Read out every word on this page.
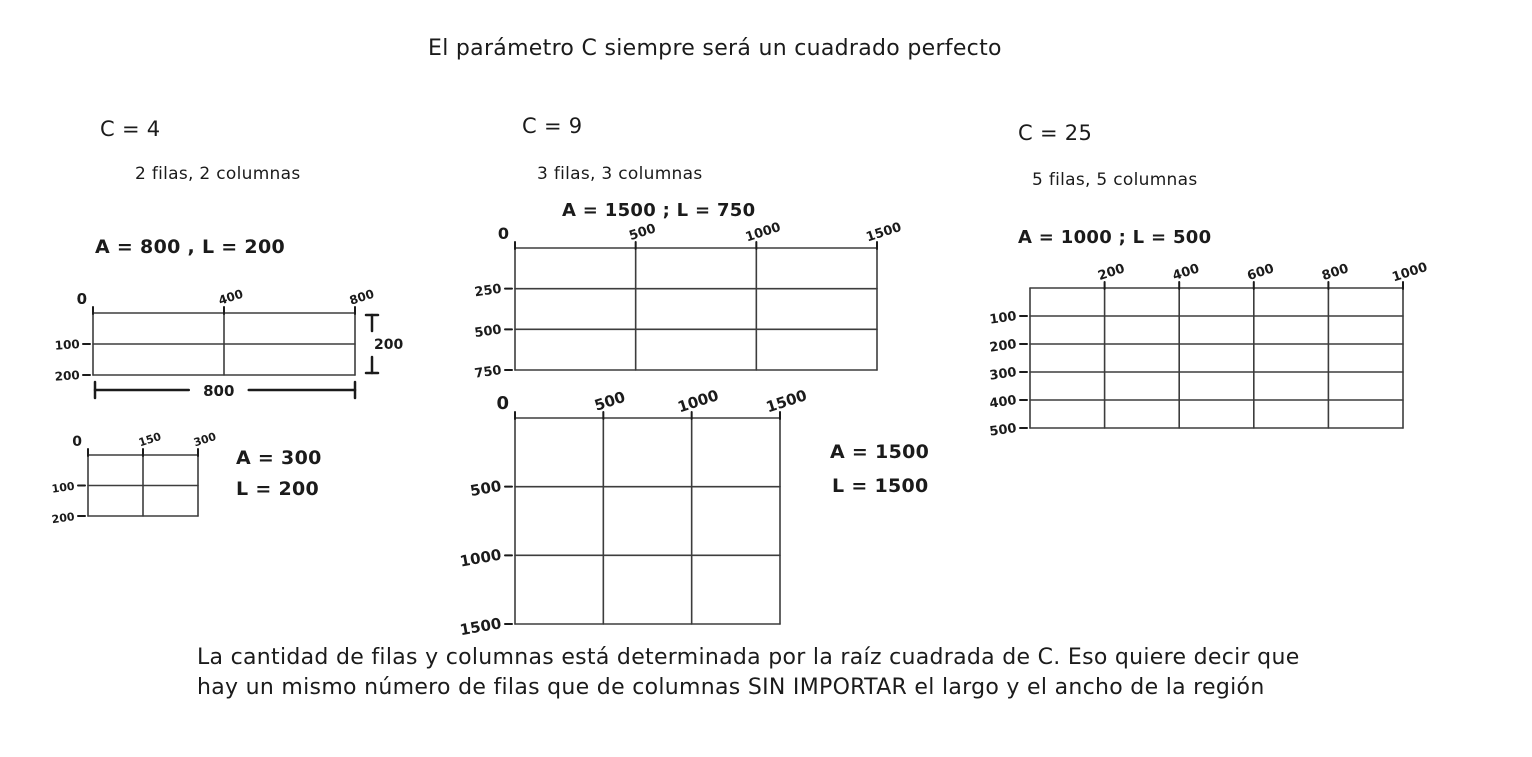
El parámetro C siempre será un cuadrado perfecto
C = 4
2 filas, 2 columnas
A = 800 , L = 200
A = 300
L = 200
C = 9
3 filas, 3 columnas
A = 1500 ; L = 750
A = 1500
L = 1500
C = 25
5 filas, 5 columnas
A = 1000 ; L = 500
0	400	800
100
200
200
800
0	150	300
100
200
0	500	1000	1500
250
500
750
0	500	1000	1500
500
1000
1500
200	400	600	800	1000
100
200
300
400
500
La cantidad de filas y columnas está determinada por la raíz cuadrada de C. Eso quiere decir que
hay un mismo número de filas que de columnas SIN IMPORTAR el largo y el ancho de la región
